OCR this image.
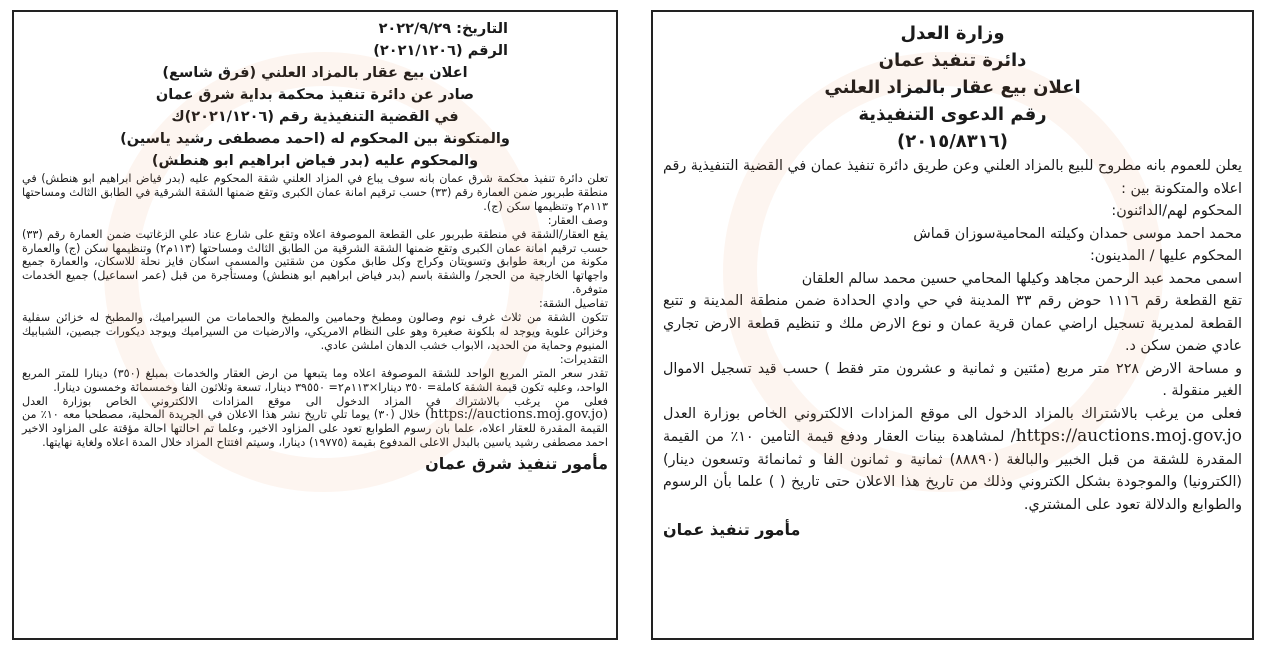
التاريخ: ٢٠٢٢/٩/٢٩
الرقم (٢٠٢١/١٢٠٦)
اعلان بيع عقار بالمزاد العلني (فرق شاسع)
صادر عن دائرة تنفيذ محكمة بداية شرق عمان
في القضية التنفيذية رقم (٢٠٢١/١٢٠٦)ك
والمتكونة بين المحكوم له (احمد مصطفى رشيد ياسين)
والمحكوم عليه (بدر فياض ابراهيم ابو هنطش)

تعلن دائرة تنفيذ محكمة شرق عمان بانه سوف يباع في المزاد العلني شقة المحكوم عليه (بدر فياض ابراهيم ابو هنطش) في منطقة طبربور ضمن العمارة رقم (٣٣) حسب ترقيم امانة عمان الكبرى وتقع ضمنها الشقة الشرقية في الطابق الثالث ومساحتها ١١٣م٢ وتنظيمها سكن (ج).

وصف العقار:

يقع العقار/الشقة في منطقة طبربور على القطعة الموصوفة اعلاه وتقع على شارع عناد علي الزغاتيت ضمن العمارة رقم (٣٣) حسب ترقيم امانة عمان الكبرى وتقع ضمنها الشقة الشرقية من الطابق الثالث ومساحتها (١١٣م٢) وتنظيمها سكن (ج) والعمارة مكونة من اربعة طوابق وتسويتان وكراج وكل طابق مكون من شقتين والمسمى اسكان فايز نحلة للاسكان، والعمارة جميع واجهاتها الخارجية من الحجر/ والشقة باسم (بدر فياض ابراهيم ابو هنطش) ومستأجرة من قبل (عمر اسماعيل) جميع الخدمات متوفرة.

تفاصيل الشقة:

تتكون الشقة من ثلاث غرف نوم وصالون ومطبخ وحمامين والمطبخ والحمامات من السيراميك، والمطبخ له خزائن سفلية وخزائن علوية ويوجد له بلكونة صغيرة وهو على النظام الامريكي، والارضيات من السيراميك ويوجد ديكورات جبصين، الشبابيك المنيوم وحماية من الحديد، الابواب خشب الدهان املشن عادي.

التقديرات:

تقدر سعر المتر المربع الواحد للشقة الموصوفة اعلاه وما يتبعها من ارض العقار والخدمات بمبلغ (٣٥٠) دينارا للمتر المربع الواحد، وعليه تكون قيمة الشقة كاملة= ٣٥٠ دينارا×١١٣م٢= ٣٩٥٥٠ دينارا، تسعة وثلاثون الفا وخمسمائة وخمسون دينارا.

فعلى من يرغب بالاشتراك في المزاد الدخول الى موقع المزادات الالكتروني الخاص بوزارة العدل (https://auctions.moj.gov.jo) خلال (٣٠) يوما تلي تاريخ نشر هذا الاعلان في الجريدة المحلية، مصطحبا معه ١٠٪ من القيمة المقدرة للعقار اعلاه، علما بان رسوم الطوابع تعود على المزاود الاخير، وعلما تم احالتها احالة مؤقتة على المزاود الاخير احمد مصطفى رشيد ياسين بالبدل الاعلى المدفوع بقيمة (١٩٧٧٥) دينارا، وسيتم افتتاح المزاد خلال المدة اعلاه ولغاية نهايتها.

مأمور تنفيذ شرق عمان
وزارة العدل
دائرة تنفيذ عمان
اعلان بيع عقار بالمزاد العلني
رقم الدعوى التنفيذية
(٢٠١٥/٨٣١٦)

يعلن للعموم بانه مطروح للبيع بالمزاد العلني وعن طريق دائرة تنفيذ عمان في القضية التنفيذية رقم اعلاه والمتكونة بين :

المحكوم لهم/الدائنون:

محمد احمد موسى حمدان وكيلته المحاميةسوزان قماش

المحكوم عليها / المدينون:

اسمى محمد عبد الرحمن مجاهد وكيلها المحامي حسين محمد سالم العلقان

تقع القطعة رقم ١١١٦ حوض رقم ٣٣ المدينة في حي وادي الحدادة ضمن منطقة المدينة و تتبع القطعة لمديرية تسجيل اراضي عمان قرية عمان و نوع الارض ملك و تنظيم قطعة الارض تجاري عادي ضمن سكن د.

و مساحة الارض ٢٢٨ متر مربع (مئتين و ثمانية و عشرون متر فقط ) حسب قيد تسجيل الاموال الغير منقولة .

فعلى من يرغب بالاشتراك بالمزاد الدخول الى موقع المزادات الالكتروني الخاص بوزارة العدل https://auctions.moj.gov.jo/ لمشاهدة بينات العقار ودفع قيمة التامين ١٠٪ من القيمة المقدرة للشقة من قبل الخبير والبالغة (٨٨٨٩٠) ثمانية و ثمانون الفا و ثمانمائة وتسعون دينار) (الكترونيا) والموجودة بشكل الكتروني وذلك من تاريخ هذا الاعلان حتى تاريخ ( ) علما بأن الرسوم والطوابع والدلالة تعود على المشتري.

مأمور تنفيذ عمان
